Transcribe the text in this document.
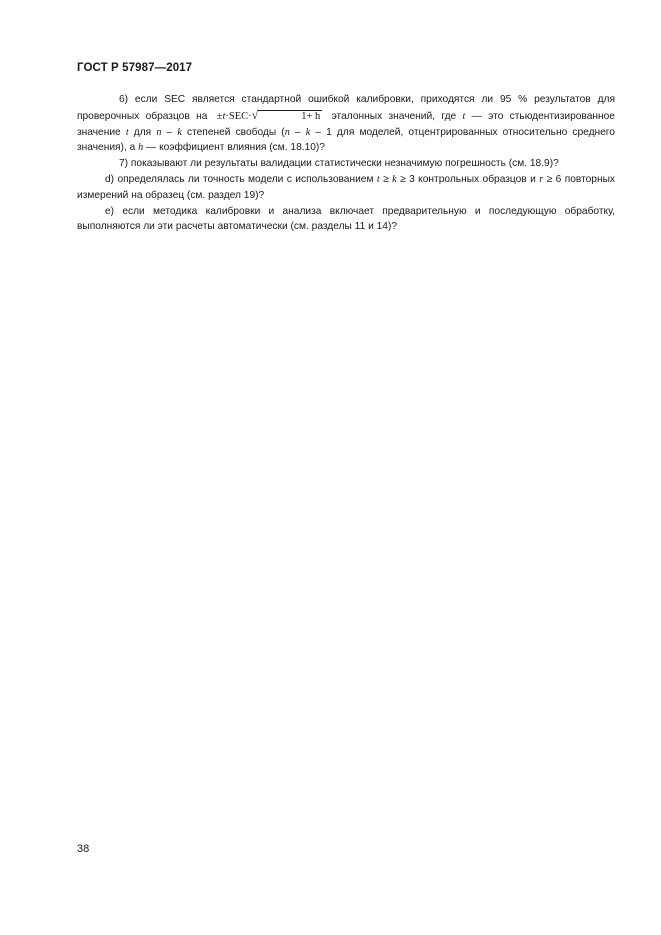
ГОСТ Р 57987—2017

6) если SEC является стандартной ошибкой калибровки, приходятся ли 95 % результатов для проверочных образцов на ±t·SEC·√	1+ h эталонных значений, где t — это стьюдентизированное значение t для n – k степеней свободы (n – k – 1 для моделей, отцентрированных относительно среднего значения), а h — коэффициент влияния (см. 18.10)?

7) показывают ли результаты валидации статистически незначимую погрешность (см. 18.9)?

d) определялась ли точность модели с использованием t ≥ k ≥ 3 контрольных образцов и r ≥ 6 повторных измерений на образец (см. раздел 19)?

e) если методика калибровки и анализа включает предварительную и последующую обработку, выполняются ли эти расчеты автоматически (см. разделы 11 и 14)?

38
